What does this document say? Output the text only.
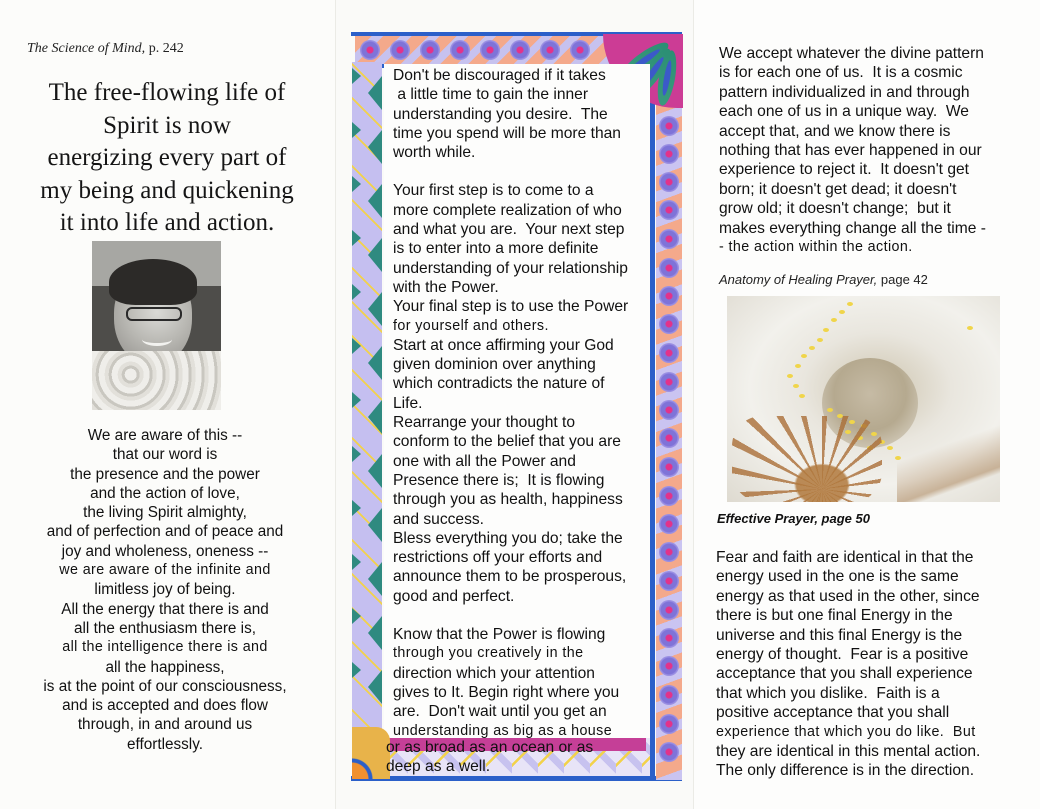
The Science of Mind, p. 242
The free-flowing life of
Spirit is now
energizing every part of
my being and quickening
it into life and action.
We are aware of this --
that our word is
the presence and the power
and the action of love,
the living Spirit almighty,
and of perfection and of peace and
joy and wholeness, oneness --
we are aware of the infinite and
limitless joy of being.
All the energy that there is and
all the enthusiasm there is,
all the intelligence there is and
all the happiness,
is at the point of our consciousness,
and is accepted and does flow
through, in and around us
effortlessly.
Don't be discouraged if it takes
a little time to gain the inner
understanding you desire.  The
time you spend will be more than
worth while.
Your first step is to come to a
more complete realization of who
and what you are.  Your next step
is to enter into a more definite
understanding of your relationship
with the Power.
Your final step is to use the Power
for yourself and others.
Start at once affirming your God
given dominion over anything
which contradicts the nature of
Life.
Rearrange your thought to
conform to the belief that you are
one with all the Power and
Presence there is;  It is flowing
through you as health, happiness
and success.
Bless everything you do; take the
restrictions off your efforts and
announce them to be prosperous,
good and perfect.
Know that the Power is flowing
through you creatively in the
direction which your attention
gives to It. Begin right where you
are.  Don't wait until you get an
understanding as big as a house
or as broad as an ocean or as
deep as a well.
We accept whatever the divine pattern
is for each one of us.  It is a cosmic
pattern individualized in and through
each one of us in a unique way.  We
accept that, and we know there is
nothing that has ever happened in our
experience to reject it.  It doesn't get
born; it doesn't get dead; it doesn't
grow old; it doesn't change;  but it
makes everything change all the time -
- the action within the action.
Anatomy of Healing Prayer, page 42
Effective Prayer, page 50
Fear and faith are identical in that the
energy used in the one is the same
energy as that used in the other, since
there is but one final Energy in the
universe and this final Energy is the
energy of thought.  Fear is a positive
acceptance that you shall experience
that which you dislike.  Faith is a
positive acceptance that you shall
experience that which you do like.  But
they are identical in this mental action.
The only difference is in the direction.
